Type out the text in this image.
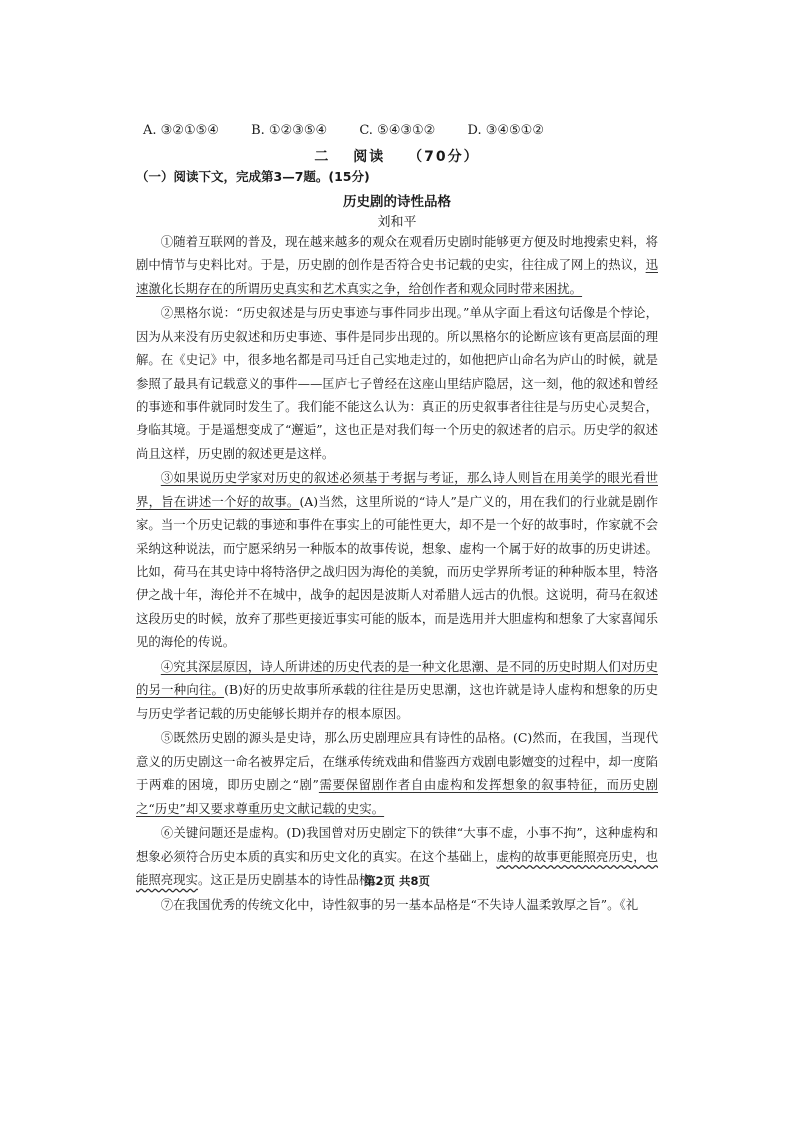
A. ③②①⑤④ B. ①②③⑤④ C. ⑤④③①② D. ③④⑤①②
二 阅读 （70分）
（一）阅读下文，完成第3—7题。(15分)
历史剧的诗性品格
刘和平

①随着互联网的普及，现在越来越多的观众在观看历史剧时能够更方便及时地搜索史料，将剧中情节与史料比对。于是，历史剧的创作是否符合史书记载的史实，往往成了网上的热议，迅速激化长期存在的所谓历史真实和艺术真实之争，给创作者和观众同时带来困扰。

②黑格尔说：“历史叙述是与历史事迹与事件同步出现。”单从字面上看这句话像是个悖论，因为从来没有历史叙述和历史事迹、事件是同步出现的。所以黑格尔的论断应该有更高层面的理解。在《史记》中，很多地名都是司马迁自己实地走过的，如他把庐山命名为庐山的时候，就是参照了最具有记载意义的事件——匡庐七子曾经在这座山里结庐隐居，这一刻，他的叙述和曾经的事迹和事件就同时发生了。我们能不能这么认为：真正的历史叙事者往往是与历史心灵契合，身临其境。于是遥想变成了“邂逅”，这也正是对我们每一个历史的叙述者的启示。历史学的叙述尚且这样，历史剧的叙述更是这样。

③如果说历史学家对历史的叙述必须基于考据与考证，那么诗人则旨在用美学的眼光看世界，旨在讲述一个好的故事。(A)当然，这里所说的“诗人”是广义的，用在我们的行业就是剧作家。当一个历史记载的事迹和事件在事实上的可能性更大，却不是一个好的故事时，作家就不会采纳这种说法，而宁愿采纳另一种版本的故事传说，想象、虚构一个属于好的故事的历史讲述。比如，荷马在其史诗中将特洛伊之战归因为海伦的美貌，而历史学界所考证的种种版本里，特洛伊之战十年，海伦并不在城中，战争的起因是波斯人对希腊人远古的仇恨。这说明，荷马在叙述这段历史的时候，放弃了那些更接近事实可能的版本，而是选用并大胆虚构和想象了大家喜闻乐见的海伦的传说。

④究其深层原因，诗人所讲述的历史代表的是一种文化思潮、是不同的历史时期人们对历史的另一种向往。(B)好的历史故事所承载的往往是历史思潮，这也许就是诗人虚构和想象的历史与历史学者记载的历史能够长期并存的根本原因。

⑤既然历史剧的源头是史诗，那么历史剧理应具有诗性的品格。(C)然而，在我国，当现代意义的历史剧这一命名被界定后，在继承传统戏曲和借鉴西方戏剧电影嬗变的过程中，却一度陷于两难的困境，即历史剧之“剧”需要保留剧作者自由虚构和发挥想象的叙事特征，而历史剧之“历史”却又要求尊重历史文献记载的史实。

⑥关键问题还是虚构。(D)我国曾对历史剧定下的铁律“大事不虚，小事不拘”，这种虚构和想象必须符合历史本质的真实和历史文化的真实。在这个基础上，虚构的故事更能照亮历史，也能照亮现实。这正是历史剧基本的诗性品格。

⑦在我国优秀的传统文化中，诗性叙事的另一基本品格是“不失诗人温柔敦厚之旨”。《礼

第2页 共8页
